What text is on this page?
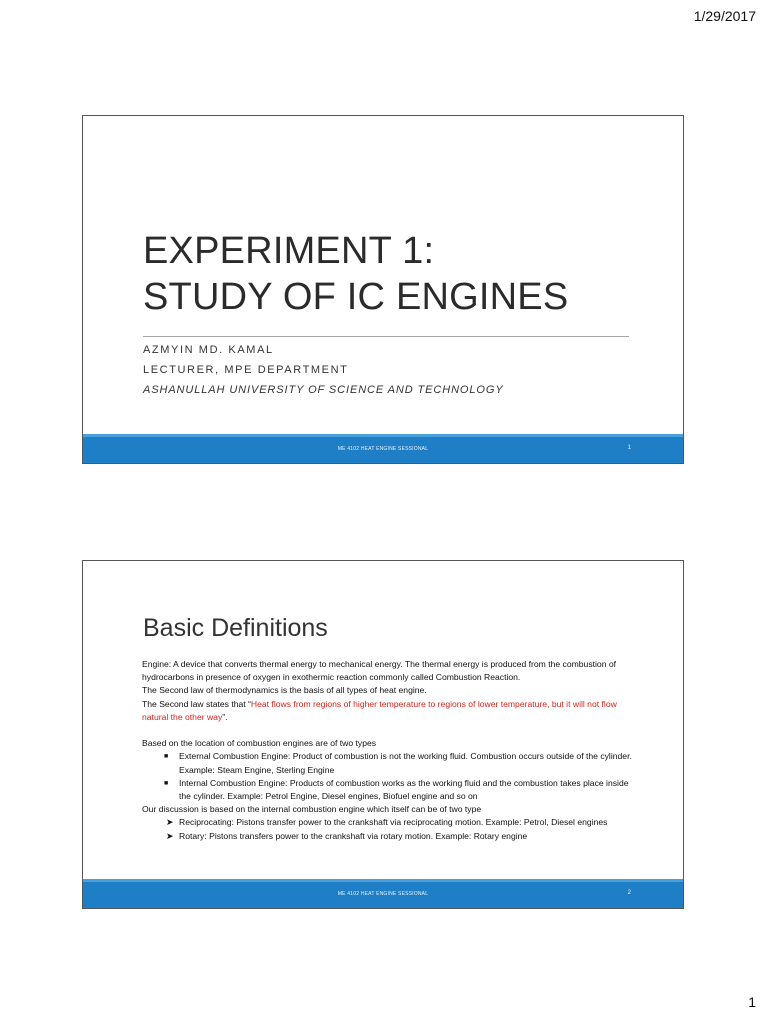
1/29/2017
EXPERIMENT 1:
STUDY OF IC ENGINES
AZMYIN MD. KAMAL
LECTURER, MPE DEPARTMENT
ASHANULLAH UNIVERSITY OF SCIENCE AND TECHNOLOGY
ME 4102 HEAT ENGINE SESSIONAL	1
Basic Definitions

Engine: A device that converts thermal energy to mechanical energy. The thermal energy is produced from the combustion of hydrocarbons in presence of oxygen in exothermic reaction commonly called Combustion Reaction.

The Second law of thermodynamics is the basis of all types of heat engine.

The Second law states that “Heat flows from regions of higher temperature to regions of lower temperature, but it will not flow natural the other way”.

Based on the location of combustion engines are of two types

■ External Combustion Engine: Product of combustion is not the working fluid. Combustion occurs outside of the cylinder. Example: Steam Engine, Sterling Engine
■ Internal Combustion Engine: Products of combustion works as the working fluid and the combustion takes place inside the cylinder. Example: Petrol Engine, Diesel engines, Biofuel engine and so on

Our discussion is based on the internal combustion engine which itself can be of two type

➤ Reciprocating: Pistons transfer power to the crankshaft via reciprocating motion. Example: Petrol, Diesel engines
➤ Rotary: Pistons transfers power to the crankshaft via rotary motion. Example: Rotary engine
ME 4102 HEAT ENGINE SESSIONAL	2
1
